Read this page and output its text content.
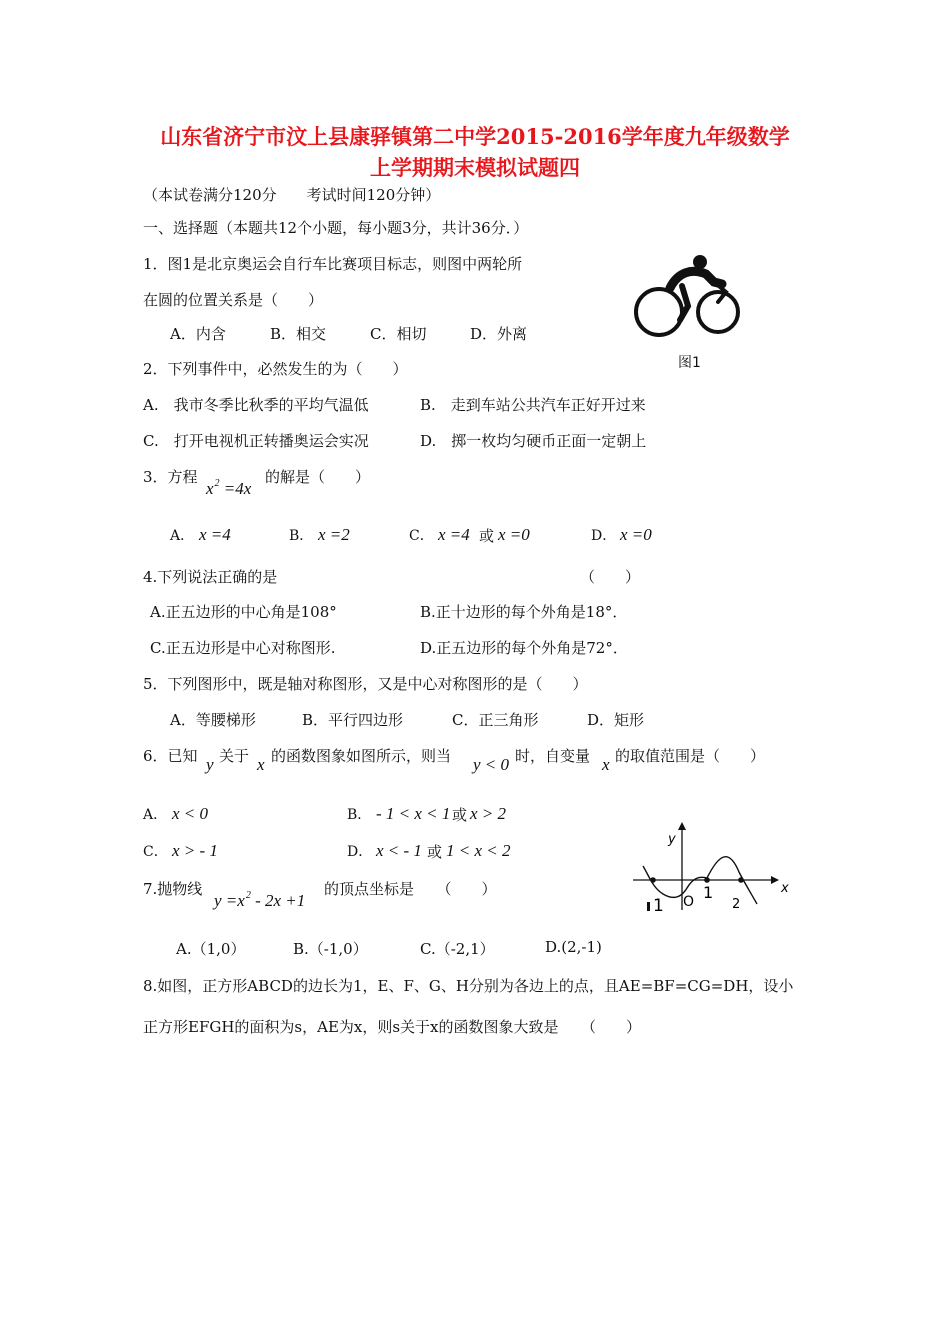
山东省济宁市汶上县康驿镇第二中学2015-2016学年度九年级数学
上学期期末模拟试题四
（本试卷满分120分　　考试时间120分钟）
一、选择题（本题共12个小题，每小题3分，共计36分．）
1．图1是北京奥运会自行车比赛项目标志，则图中两轮所
在圆的位置关系是（　　）
A．内含	B．相交	C．相切	D．外离
图1
2．下列事件中，必然发生的为（　　）
A.　我市冬季比秋季的平均气温低	B.　走到车站公共汽车正好开过来
C.　打开电视机正转播奥运会实况	D.　掷一枚均匀硬币正面一定朝上
3．方程
$x^2 =4x$
的解是（　　）
A． x =4	B． x =2	C． x =4 或 x =0	D． x =0
4.下列说法正确的是	（　　）
A.正五边形的中心角是108°	B.正十边形的每个外角是18°．
C.正五边形是中心对称图形.	D.正五边形的每个外角是72°．
5．下列图形中，既是轴对称图形，又是中心对称图形的是（　　）
A．等腰梯形	B．平行四边形	C．正三角形	D．矩形
6．已知 y 关于 x 的函数图象如图所示，则当 y < 0 时，自变量 x 的取值范围是（　　）
A． x < 0	B． - 1 < x < 1 或 x > 2
C． x > - 1	D． x < - 1 或 1 < x < 2
y
x
O 1
2
1
7.抛物线
$y =x^2 - 2x +1$
的顶点坐标是　　（　　）
A.（1,0）	B.（-1,0）	C.（-2,1）	D.(2,-1)
8.如图，正方形ABCD的边长为1，E、F、G、H分别为各边上的点，且AE=BF=CG=DH，设小
正方形EFGH的面积为s，AE为x，则s关于x的函数图象大致是　　（　　）
